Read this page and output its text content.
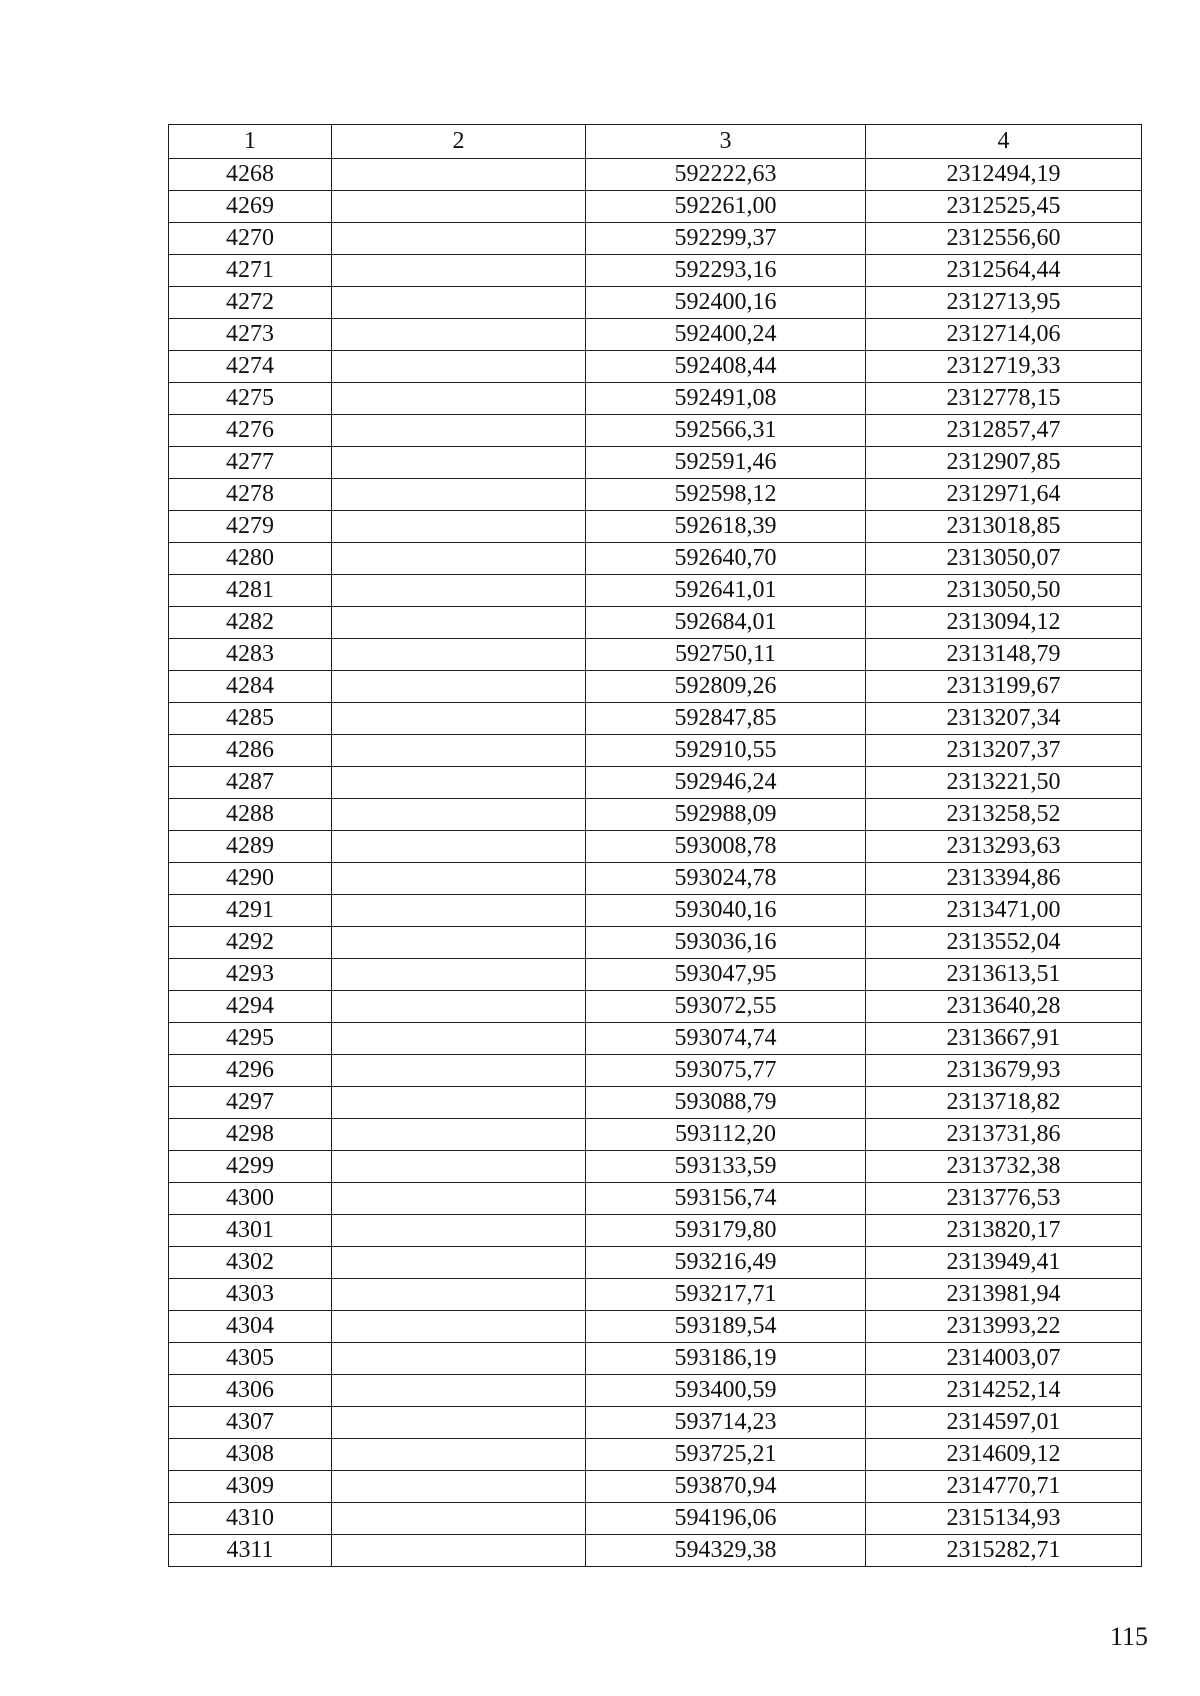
1	2	3	4
4268		592222,63	2312494,19
4269		592261,00	2312525,45
4270		592299,37	2312556,60
4271		592293,16	2312564,44
4272		592400,16	2312713,95
4273		592400,24	2312714,06
4274		592408,44	2312719,33
4275		592491,08	2312778,15
4276		592566,31	2312857,47
4277		592591,46	2312907,85
4278		592598,12	2312971,64
4279		592618,39	2313018,85
4280		592640,70	2313050,07
4281		592641,01	2313050,50
4282		592684,01	2313094,12
4283		592750,11	2313148,79
4284		592809,26	2313199,67
4285		592847,85	2313207,34
4286		592910,55	2313207,37
4287		592946,24	2313221,50
4288		592988,09	2313258,52
4289		593008,78	2313293,63
4290		593024,78	2313394,86
4291		593040,16	2313471,00
4292		593036,16	2313552,04
4293		593047,95	2313613,51
4294		593072,55	2313640,28
4295		593074,74	2313667,91
4296		593075,77	2313679,93
4297		593088,79	2313718,82
4298		593112,20	2313731,86
4299		593133,59	2313732,38
4300		593156,74	2313776,53
4301		593179,80	2313820,17
4302		593216,49	2313949,41
4303		593217,71	2313981,94
4304		593189,54	2313993,22
4305		593186,19	2314003,07
4306		593400,59	2314252,14
4307		593714,23	2314597,01
4308		593725,21	2314609,12
4309		593870,94	2314770,71
4310		594196,06	2315134,93
4311		594329,38	2315282,71
115
